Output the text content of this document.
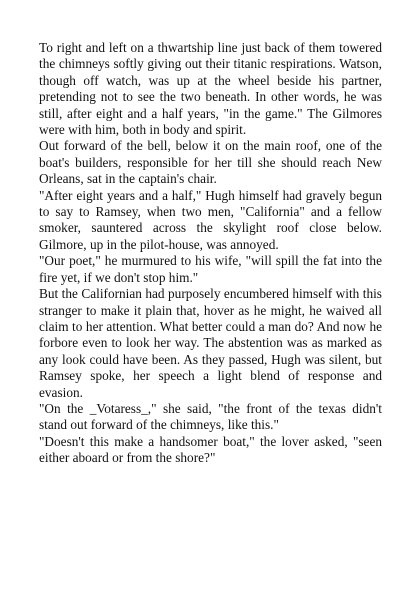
To right and left on a thwartship line just back of them towered the chimneys softly giving out their titanic respirations. Watson, though off watch, was up at the wheel beside his partner, pretending not to see the two beneath. In other words, he was still, after eight and a half years, "in the game." The Gilmores were with him, both in body and spirit.

Out forward of the bell, below it on the main roof, one of the boat's builders, responsible for her till she should reach New Orleans, sat in the captain's chair.

"After eight years and a half," Hugh himself had gravely begun to say to Ramsey, when two men, "California" and a fellow smoker, sauntered across the skylight roof close below. Gilmore, up in the pilot-house, was annoyed.

"Our poet," he murmured to his wife, "will spill the fat into the fire yet, if we don't stop him."

But the Californian had purposely encumbered himself with this stranger to make it plain that, hover as he might, he waived all claim to her attention. What better could a man do? And now he forbore even to look her way. The abstention was as marked as any look could have been. As they passed, Hugh was silent, but Ramsey spoke, her speech a light blend of response and evasion.

"On the _Votaress_," she said, "the front of the texas didn't stand out forward of the chimneys, like this."

"Doesn't this make a handsomer boat," the lover asked, "seen either aboard or from the shore?"
